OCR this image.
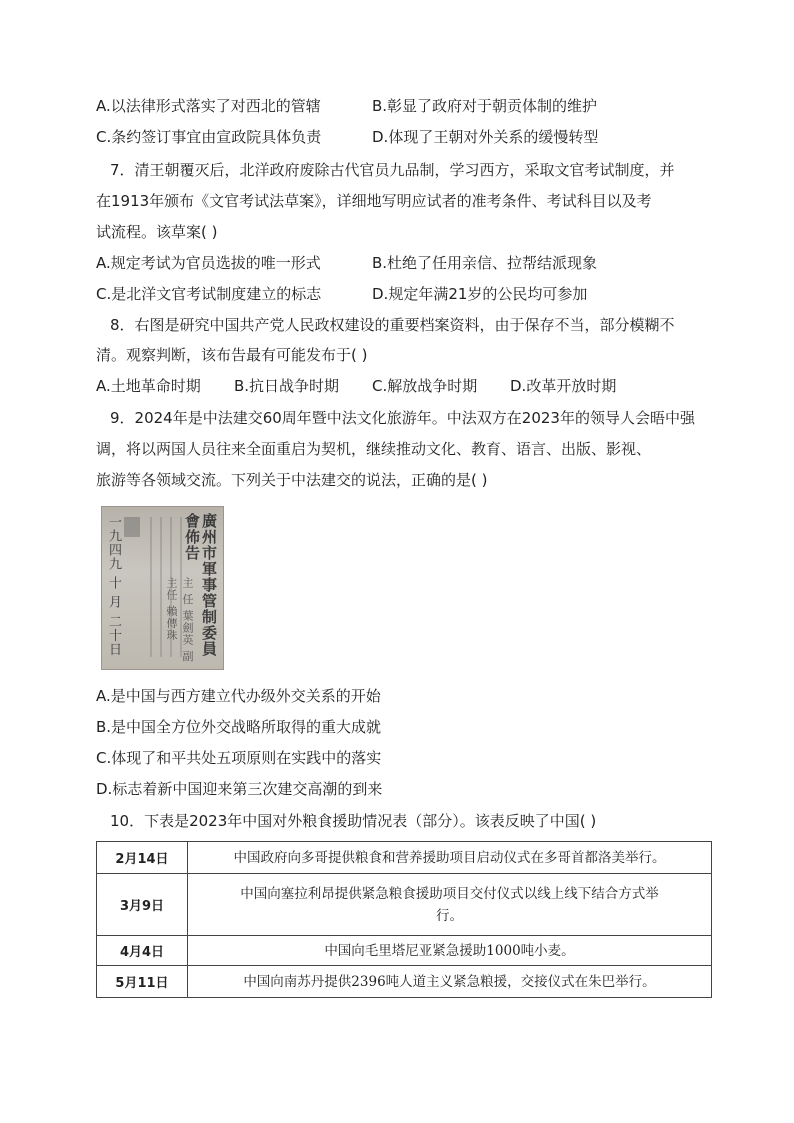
A.以法律形式落实了对西北的管辖	B.彰显了政府对于朝贡体制的维护
C.条约签订事宜由宣政院具体负责	D.体现了王朝对外关系的缓慢转型
7．清王朝覆灭后，北洋政府废除古代官员九品制，学习西方，采取文官考试制度，并
在1913年颁布《文官考试法草案》，详细地写明应试者的准考条件、考试科目以及考
试流程。该草案( )
A.规定考试为官员选拔的唯一形式	B.杜绝了任用亲信、拉帮结派现象
C.是北洋文官考试制度建立的标志	D.规定年满21岁的公民均可参加
8．右图是研究中国共产党人民政权建设的重要档案资料，由于保存不当，部分模糊不
清。观察判断，该布告最有可能发布于( )
A.土地革命时期 B.抗日战争时期 C.解放战争时期 D.改革开放时期
9．2024年是中法建交60周年暨中法文化旅游年。中法双方在2023年的领导人会晤中强
调，将以两国人员往来全面重启为契机，继续推动文化、教育、语言、出版、影视、
旅游等各领域交流。下列关于中法建交的说法，正确的是( )
廣州市軍事管制委員會佈告
一九四九 十 月 二十日	主 任 葉劍英 副主任 賴傳珠
A.是中国与西方建立代办级外交关系的开始
B.是中国全方位外交战略所取得的重大成就
C.体现了和平共处五项原则在实践中的落实
D.标志着新中国迎来第三次建交高潮的到来
10．下表是2023年中国对外粮食援助情况表（部分）。该表反映了中国( )
2月14日	中国政府向多哥提供粮食和营养援助项目启动仪式在多哥首都洛美举行。
3月9日	中国向塞拉利昂提供紧急粮食援助项目交付仪式以线上线下结合方式举行。
4月4日	中国向毛里塔尼亚紧急援助1000吨小麦。
5月11日	中国向南苏丹提供2396吨人道主义紧急粮援，交接仪式在朱巴举行。
